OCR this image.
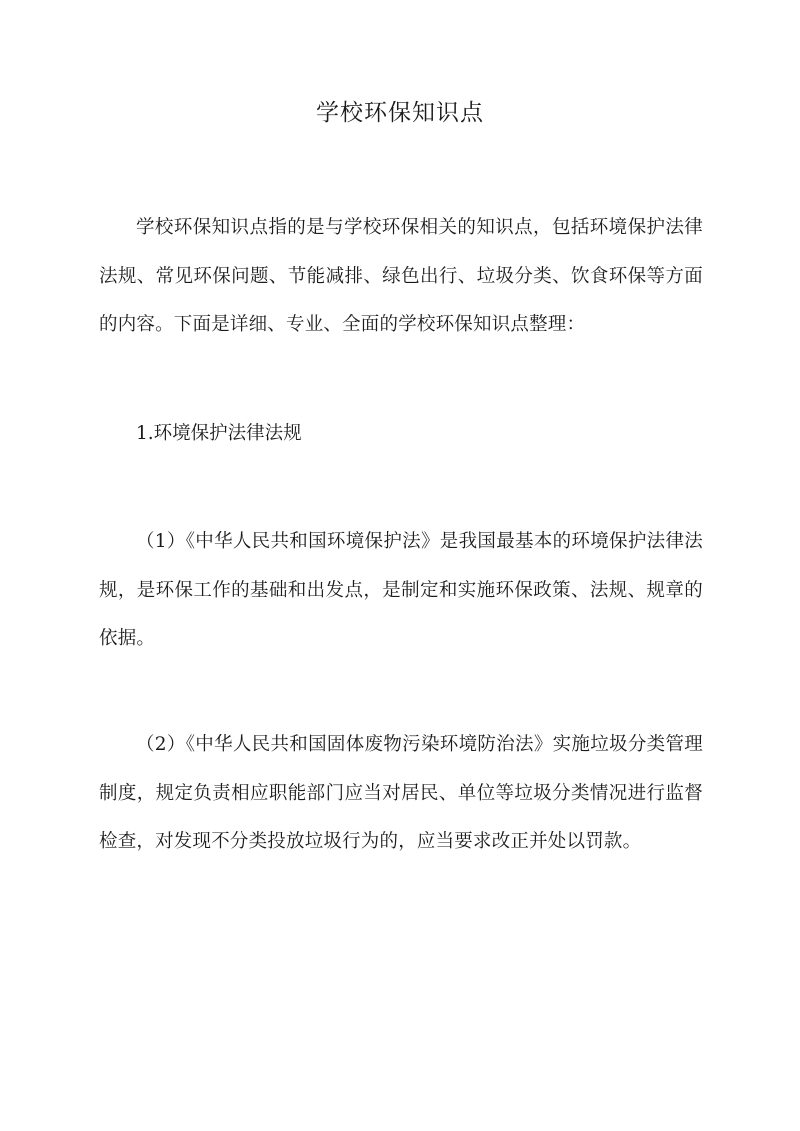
学校环保知识点

学校环保知识点指的是与学校环保相关的知识点，包括环境保护法律法规、常见环保问题、节能减排、绿色出行、垃圾分类、饮食环保等方面的内容。下面是详细、专业、全面的学校环保知识点整理：

1.环境保护法律法规

（1）《中华人民共和国环境保护法》是我国最基本的环境保护法律法规，是环保工作的基础和出发点，是制定和实施环保政策、法规、规章的依据。

（2）《中华人民共和国固体废物污染环境防治法》实施垃圾分类管理制度，规定负责相应职能部门应当对居民、单位等垃圾分类情况进行监督检查，对发现不分类投放垃圾行为的，应当要求改正并处以罚款。
